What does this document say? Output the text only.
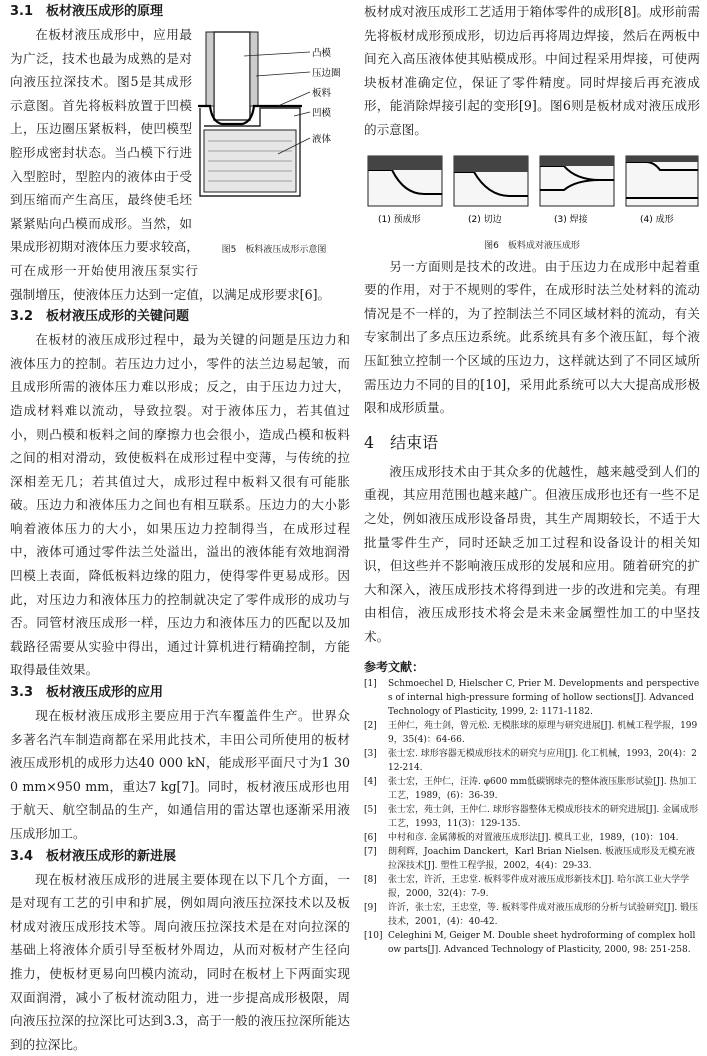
3.1　板材液压成形的原理
凸模
压边圈
板料
凹模
液体

在板材液压成形中，应用最为广泛，技术也最为成熟的是对向液压拉深技术。图5是其成形示意图。首先将板料放置于凹模上，压边圈压紧板料，使凹模型腔形成密封状态。当凸模下行进入型腔时，型腔内的液体由于受到压缩而产生高压，最终使毛坯紧紧贴向凸模而成形。当然，如果成形初期对液体压力要求较高，	图5　板料液压成形示意图
可在成形一开始使用液压泵实行强制增压，使液体压力达到一定值，以满足成形要求[6]。

3.2　板材液压成形的关键问题

在板材的液压成形过程中，最为关键的问题是压边力和液体压力的控制。若压边力过小，零件的法兰边易起皱，而且成形所需的液体压力难以形成；反之，由于压边力过大，造成材料难以流动，导致拉裂。对于液体压力，若其值过小，则凸模和板料之间的摩擦力也会很小，造成凸模和板料之间的相对滑动，致使板料在成形过程中变薄，与传统的拉深相差无几；若其值过大，成形过程中板料又很有可能胀破。压边力和液体压力之间也有相互联系。压边力的大小影响着液体压力的大小，如果压边力控制得当，在成形过程中，液体可通过零件法兰处溢出，溢出的液体能有效地润滑凹模上表面，降低板料边缘的阻力，使得零件更易成形。因此，对压边力和液体压力的控制就决定了零件成形的成功与否。同管材液压成形一样，压边力和液体压力的匹配以及加载路径需要从实验中得出，通过计算机进行精确控制，方能取得最佳效果。

3.3　板材液压成形的应用

现在板材液压成形主要应用于汽车覆盖件生产。世界众多著名汽车制造商都在采用此技术，丰田公司所使用的板材液压成形机的成形力达40 000 kN，能成形平面尺寸为1 300 mm×950 mm，重达7 kg[7]。同时，板材液压成形也用于航天、航空制品的生产，如通信用的雷达罩也逐渐采用液压成形加工。

3.4　板材液压成形的新进展

现在板材液压成形的进展主要体现在以下几个方面，一是对现有工艺的引申和扩展，例如周向液压拉深技术以及板材成对液压成形技术等。周向液压拉深技术是在对向拉深的基础上将液体介质引导至板材外周边，从而对板材产生径向推力，使板材更易向凹模内流动，同时在板材上下两面实现双面润滑，减小了板材流动阻力，进一步提高成形极限，周向液压拉深的拉深比可达到3.3，高于一般的液压拉深所能达到的拉深比。

板材成对液压成形工艺适用于箱体零件的成形[8]。成形前需先将板材成形预成形，切边后再将周边焊接，然后在两板中间充入高压液体使其贴模成形。中间过程采用焊接，可使两块板材准确定位，保证了零件精度。同时焊接后再充液成形，能消除焊接引起的变形[9]。图6则是板材成对液压成形的示意图。

(1) 预成形	(2) 切边	(3) 焊接	(4) 成形
图6　板料成对液压成形

另一方面则是技术的改进。由于压边力在成形中起着重要的作用，对于不规则的零件，在成形时法兰处材料的流动情况是不一样的，为了控制法兰不同区域材料的流动，有关专家制出了多点压边系统。此系统具有多个液压缸，每个液压缸独立控制一个区域的压边力，这样就达到了不同区域所需压边力不同的目的[10]，采用此系统可以大大提高成形极限和成形质量。

4　结束语

液压成形技术由于其众多的优越性，越来越受到人们的重视，其应用范围也越来越广。但液压成形也还有一些不足之处，例如液压成形设备昂贵，其生产周期较长，不适于大批量零件生产，同时还缺乏加工过程和设备设计的相关知识，但这些并不影响液压成形的发展和应用。随着研究的扩大和深入，液压成形技术将得到进一步的改进和完美。有理由相信，液压成形技术将会是未来金属塑性加工的中坚技术。

参考文献：
[1]	Schmoechel D, Hielscher C, Prier M. Developments and perspectives of internal high-pressure forming of hollow sections[J]. Advanced Technology of Plasticity, 1999, 2: 1171-1182.
[2]	王仲仁，苑士剑，曾元松. 无模胀球的原理与研究进展[J]. 机械工程学报，1999，35(4)：64-66.
[3]	张士宏. 球形容器无模成形技术的研究与应用[J]. 化工机械，1993，20(4)：212-214.
[4]	张士宏，王仲仁，汪涛. φ600 mm低碳钢球壳的整体液压胀形试验[J]. 热加工工艺，1989，(6)：36-39.
[5]	张士宏，苑士剑，王仲仁. 球形容器整体无模成形技术的研究进展[J]. 金属成形工艺，1993，11(3)：129-135.
[6]	中村和彦. 金属薄板的对置液压成形法[J]. 模具工业，1989，(10)：104.
[7]	朗利辉，Joachim Danckert，Karl Brian Nielsen. 板液压成形及无模充液拉深技术[J]. 塑性工程学报，2002，4(4)：29-33.
[8]	张士宏，许沂，王忠堂. 板料零件成对液压成形新技术[J]. 哈尔滨工业大学学报，2000，32(4)：7-9.
[9]	许沂，张士宏，王忠堂，等. 板料零件成对液压成形的分析与试验研究[J]. 锻压技术，2001，(4)：40-42.
[10] Celeghini M, Geiger M. Double sheet hydroforming of complex hollow parts[J]. Advanced Technology of Plasticity, 2000, 98: 251-258.
